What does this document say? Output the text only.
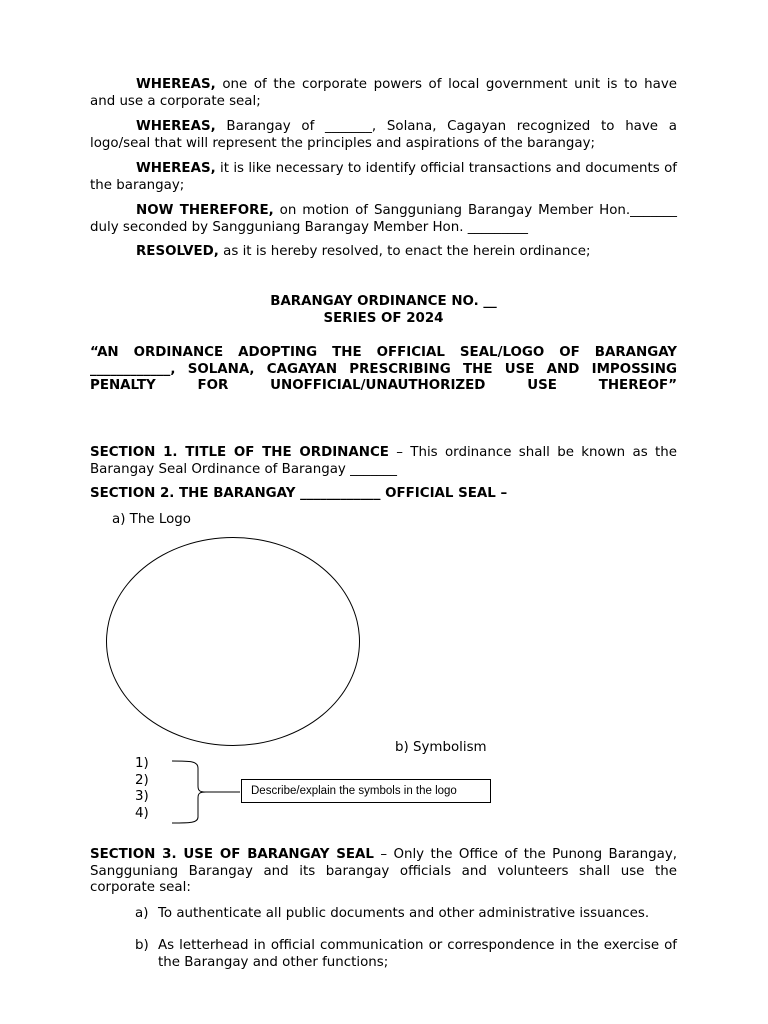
WHEREAS, one of the corporate powers of local government unit is to have and use a corporate seal;

WHEREAS, Barangay of _______, Solana, Cagayan recognized to have a logo/seal that will represent the principles and aspirations of the barangay;

WHEREAS, it is like necessary to identify official transactions and documents of the barangay;

NOW THEREFORE, on motion of Sangguniang Barangay Member Hon._______ duly seconded by Sangguniang Barangay Member Hon. _________

RESOLVED, as it is hereby resolved, to enact the herein ordinance;

BARANGAY ORDINANCE NO. __

SERIES OF 2024

“AN ORDINANCE ADOPTING THE OFFICIAL SEAL/LOGO OF BARANGAY ____________, SOLANA, CAGAYAN PRESCRIBING THE USE AND IMPOSSING PENALTY FOR UNOFFICIAL/UNAUTHORIZED USE THEREOF”

SECTION 1. TITLE OF THE ORDINANCE – This ordinance shall be known as the Barangay Seal Ordinance of Barangay _______

SECTION 2. THE BARANGAY ____________ OFFICIAL SEAL –

a) The Logo

b) Symbolism

1)
2)
3)
4)

SECTION 3. USE OF BARANGAY SEAL – Only the Office of the Punong Barangay, Sangguniang Barangay and its barangay officials and volunteers shall use the corporate seal:

a) To authenticate all public documents and other administrative issuances.

b) As letterhead in official communication or correspondence in the exercise of the Barangay and other functions;

Describe/explain the symbols in the logo
